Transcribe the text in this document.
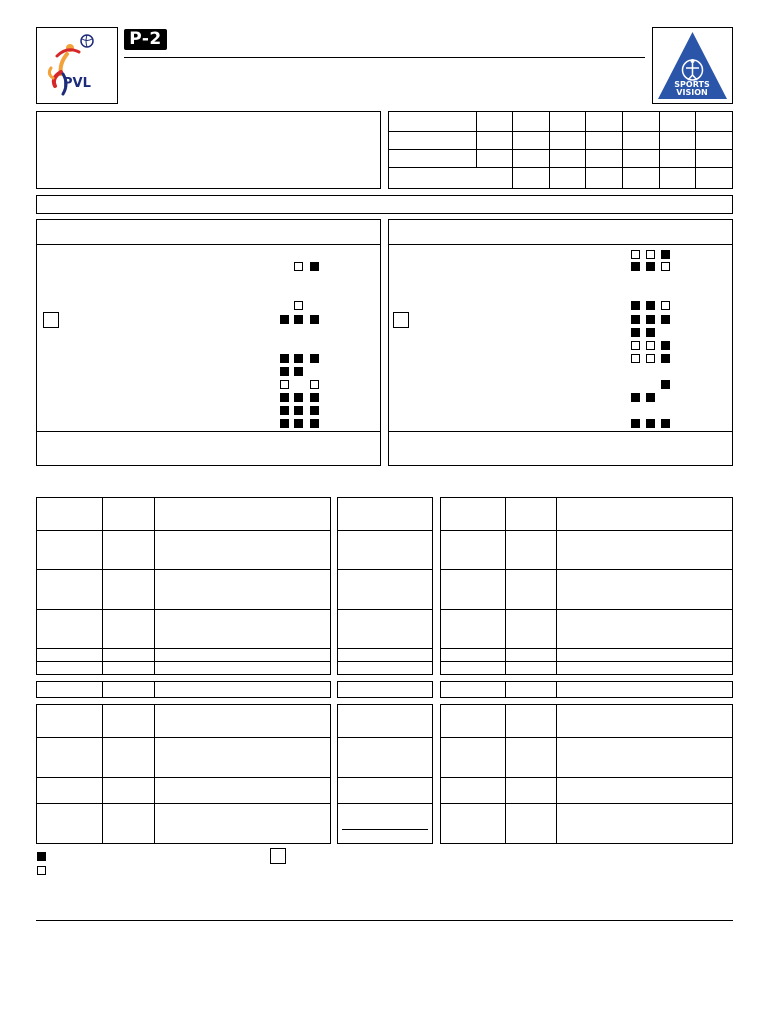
PVL
P-2
SPORTS
VISION
